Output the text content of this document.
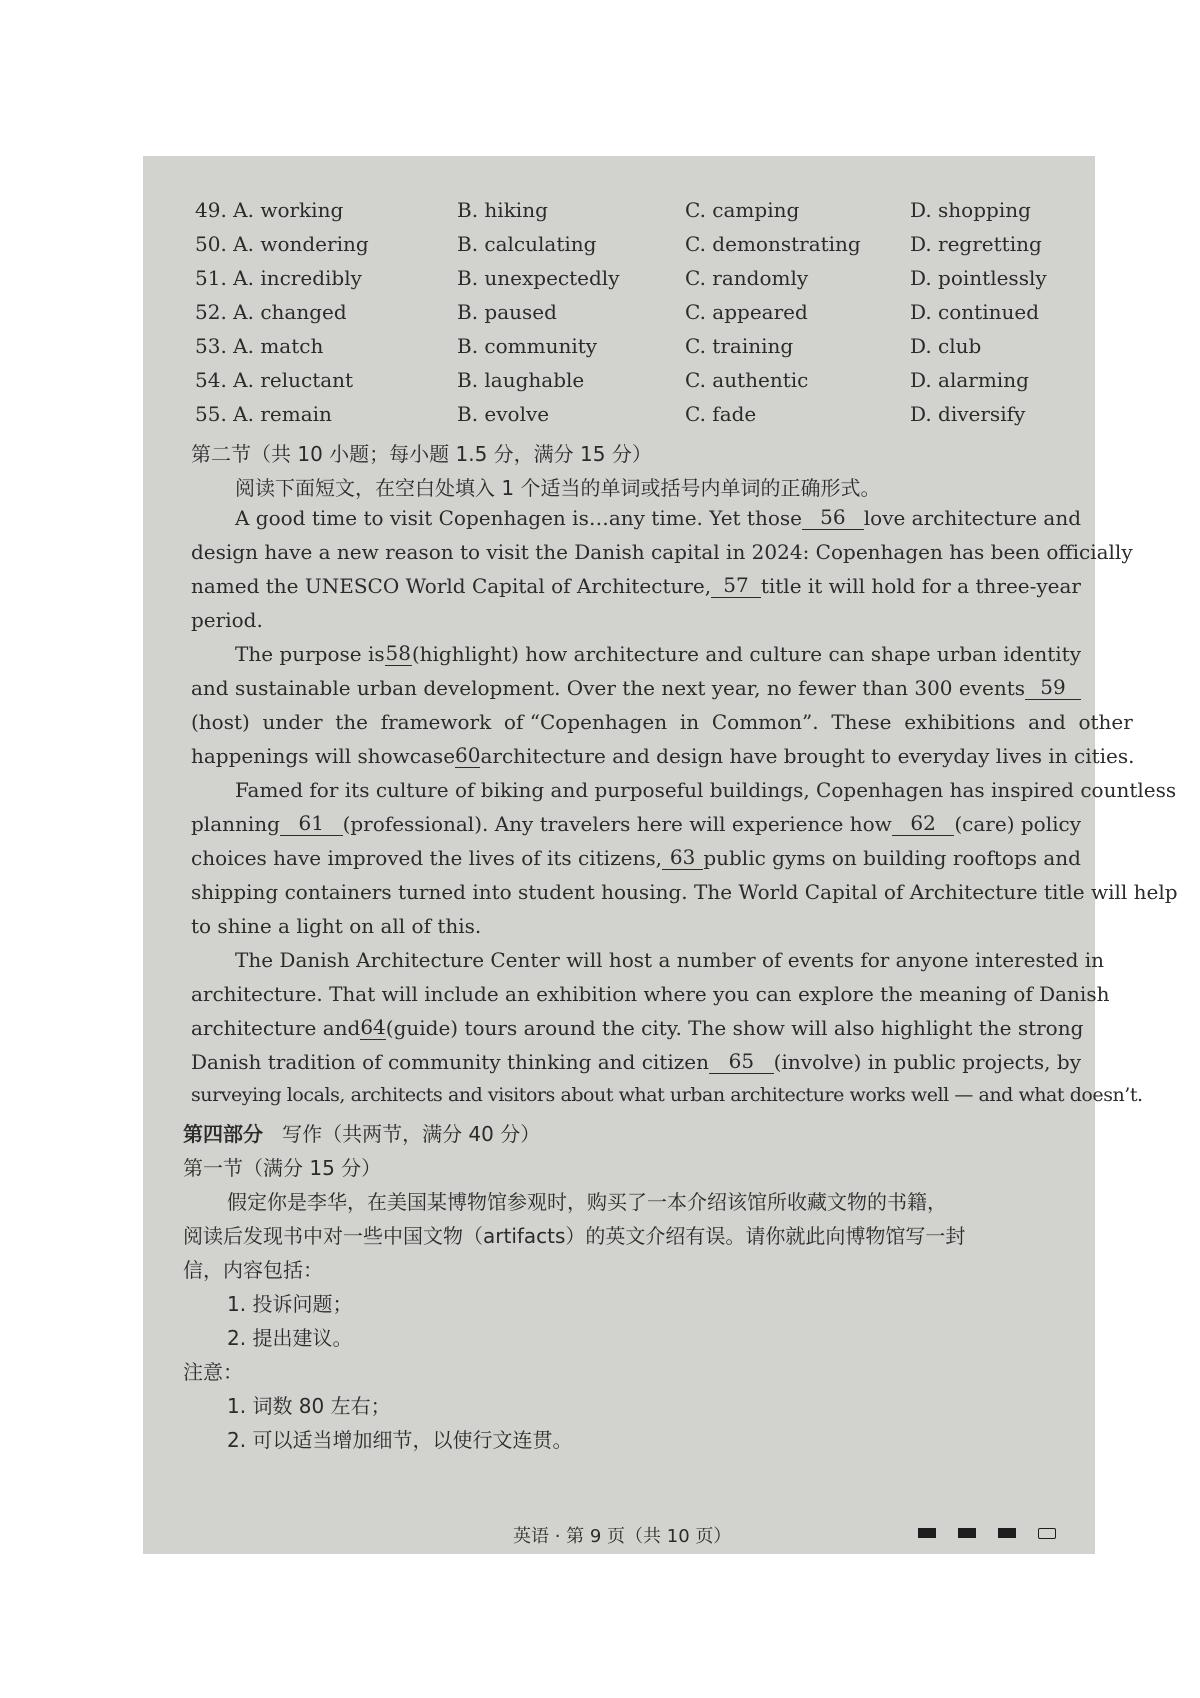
49. A. working	B. hiking	C. camping	D. shopping
50. A. wondering	B. calculating	C. demonstrating D. regretting
51. A. incredibly	B. unexpectedly	C. randomly	D. pointlessly
52. A. changed	B. paused	C. appeared	D. continued
53. A. match	B. community	C. training	D. club
54. A. reluctant	B. laughable	C. authentic	D. alarming
55. A. remain	B. evolve	C. fade	D. diversify
第二节（共 10 小题；每小题 1.5 分，满分 15 分）
阅读下面短文，在空白处填入 1 个适当的单词或括号内单词的正确形式。
A good time to visit Copenhagen is…any time. Yet those 56 love architecture and
design have a new reason to visit the Danish capital in 2024: Copenhagen has been officially
named the UNESCO World Capital of Architecture, 57 title it will hold for a three-year
period.
The purpose is 58 (highlight) how architecture and culture can shape urban identity
and sustainable urban development. Over the next year, no fewer than 300 events 59
(host)  under  the  framework  of “Copenhagen  in  Common”.  These  exhibitions  and  other
happenings will showcase 60 architecture and design have brought to everyday lives in cities.
Famed for its culture of biking and purposeful buildings, Copenhagen has inspired countless
planning 61 (professional). Any travelers here will experience how 62 (care) policy
choices have improved the lives of its citizens, 63 public gyms on building rooftops and
shipping containers turned into student housing. The World Capital of Architecture title will help
to shine a light on all of this.
The Danish Architecture Center will host a number of events for anyone interested in
architecture. That will include an exhibition where you can explore the meaning of Danish
architecture and 64 (guide) tours around the city. The show will also highlight the strong
Danish tradition of community thinking and citizen 65 (involve) in public projects, by
surveying locals, architects and visitors about what urban architecture works well — and what doesn’t.
第四部分 写作（共两节，满分 40 分）
第一节（满分 15 分）
假定你是李华，在美国某博物馆参观时，购买了一本介绍该馆所收藏文物的书籍，
阅读后发现书中对一些中国文物（artifacts）的英文介绍有误。请你就此向博物馆写一封
信，内容包括：
1. 投诉问题；
2. 提出建议。
注意：
1. 词数 80 左右；
2. 可以适当增加细节，以使行文连贯。
英语 · 第 9 页（共 10 页）
